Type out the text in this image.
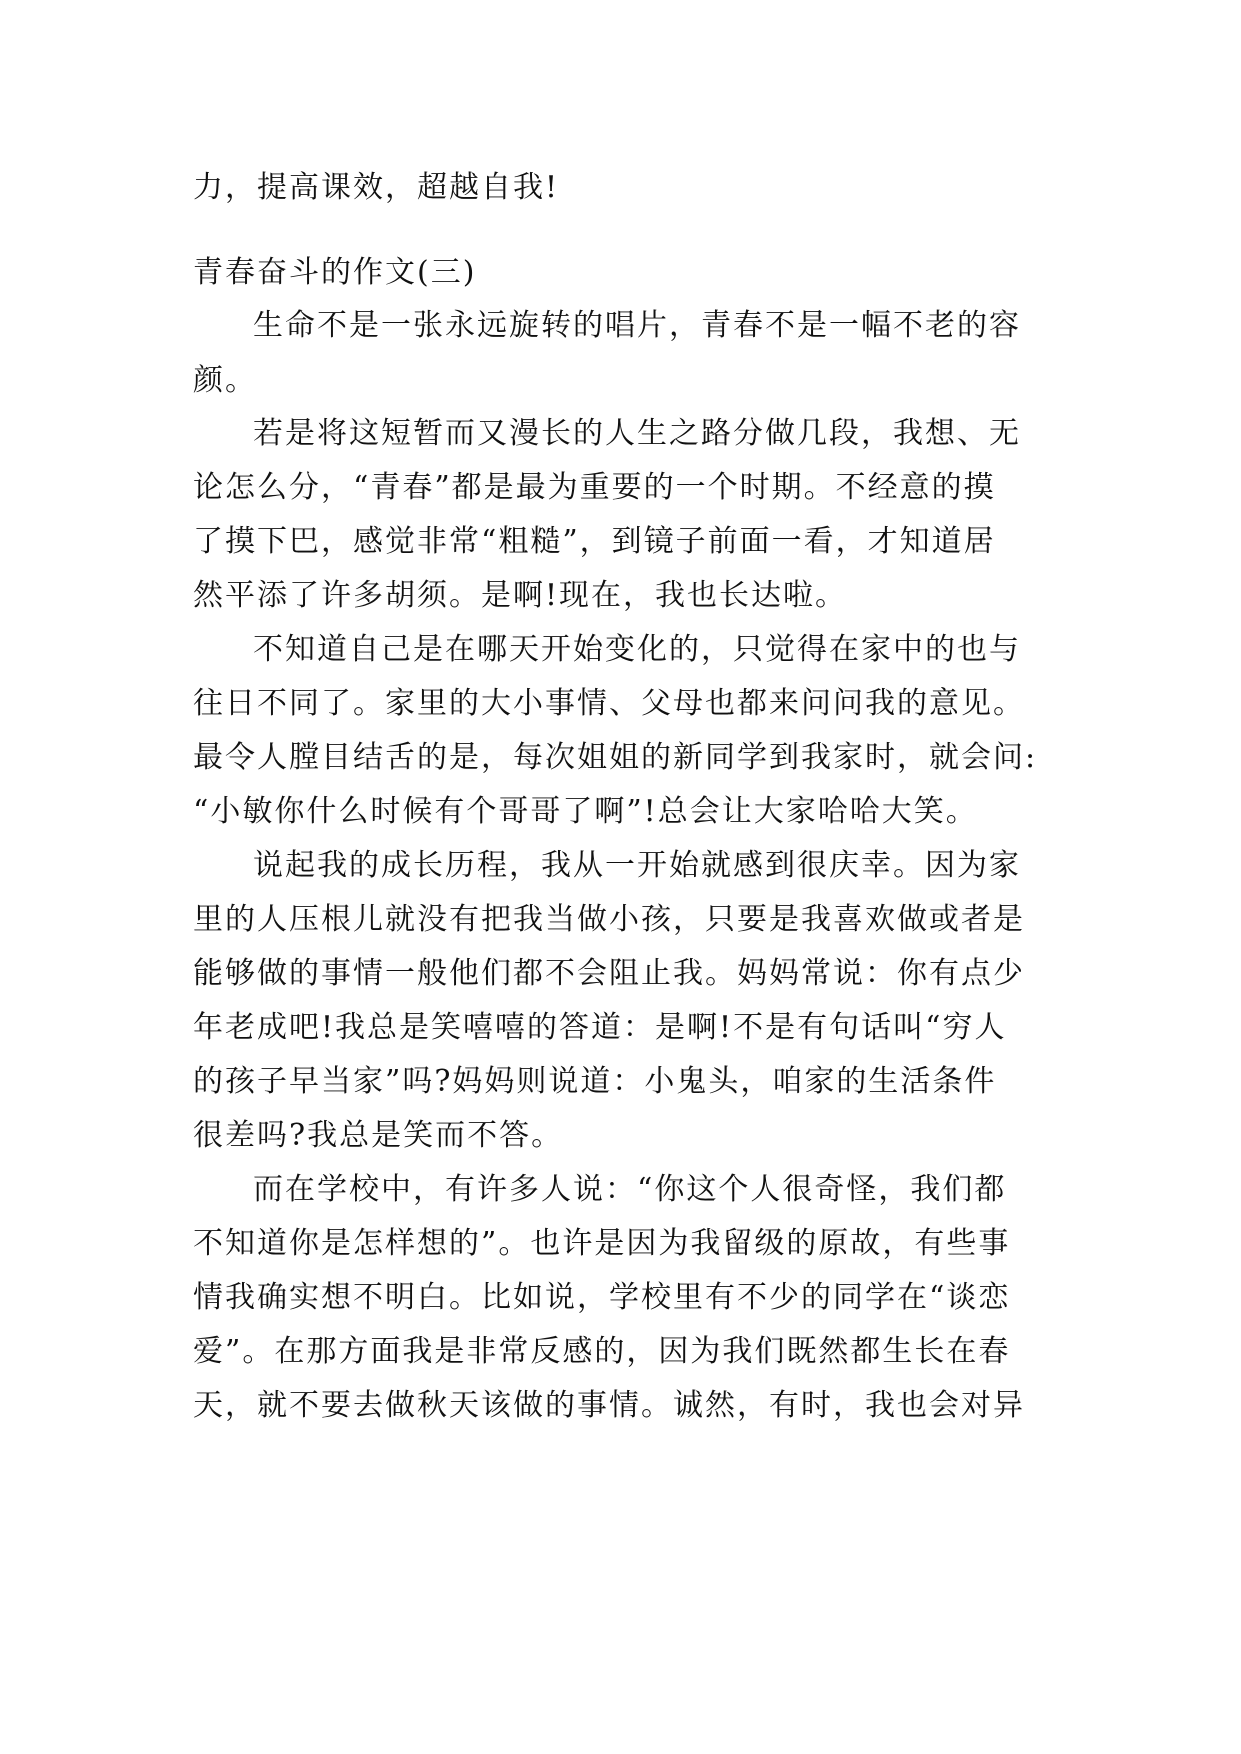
力，提高课效，超越自我!
青春奋斗的作文(三)
生命不是一张永远旋转的唱片，青春不是一幅不老的容
颜。
若是将这短暂而又漫长的人生之路分做几段，我想、无
论怎么分，“青春”都是最为重要的一个时期。不经意的摸
了摸下巴，感觉非常“粗糙”，到镜子前面一看，才知道居
然平添了许多胡须。是啊!现在，我也长达啦。
不知道自己是在哪天开始变化的，只觉得在家中的也与
往日不同了。家里的大小事情、父母也都来问问我的意见。
最令人膛目结舌的是，每次姐姐的新同学到我家时，就会问:
“小敏你什么时候有个哥哥了啊”!总会让大家哈哈大笑。
说起我的成长历程，我从一开始就感到很庆幸。因为家
里的人压根儿就没有把我当做小孩，只要是我喜欢做或者是
能够做的事情一般他们都不会阻止我。妈妈常说：你有点少
年老成吧!我总是笑嘻嘻的答道：是啊!不是有句话叫“穷人
的孩子早当家”吗?妈妈则说道：小鬼头，咱家的生活条件
很差吗?我总是笑而不答。
而在学校中，有许多人说：“你这个人很奇怪，我们都
不知道你是怎样想的”。也许是因为我留级的原故，有些事
情我确实想不明白。比如说，学校里有不少的同学在“谈恋
爱”。在那方面我是非常反感的，因为我们既然都生长在春
天，就不要去做秋天该做的事情。诚然，有时，我也会对异
